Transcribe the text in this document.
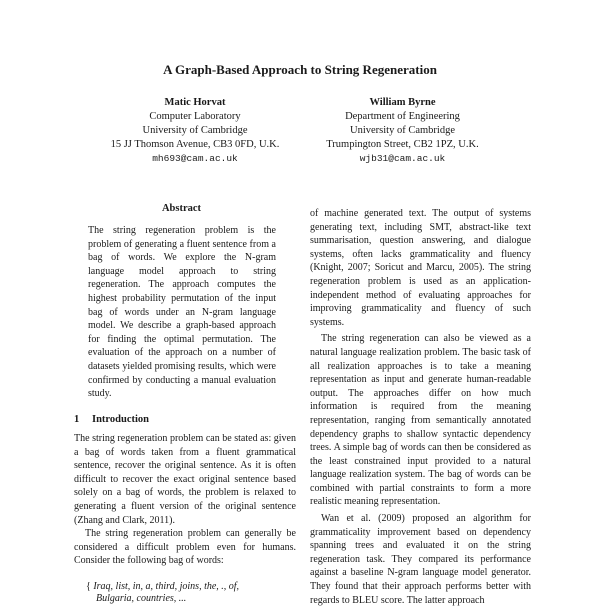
A Graph-Based Approach to String Regeneration
Matic Horvat
Computer Laboratory
University of Cambridge
15 JJ Thomson Avenue, CB3 0FD, U.K.
mh693@cam.ac.uk
William Byrne
Department of Engineering
University of Cambridge
Trumpington Street, CB2 1PZ, U.K.
wjb31@cam.ac.uk
Abstract
The string regeneration problem is the problem of generating a fluent sentence from a bag of words. We explore the N-gram language model approach to string regeneration. The approach computes the highest probability permutation of the input bag of words under an N-gram language model. We describe a graph-based approach for finding the optimal permutation. The evaluation of the approach on a number of datasets yielded promising results, which were confirmed by conducting a manual evaluation study.
1 Introduction

The string regeneration problem can be stated as: given a bag of words taken from a fluent grammatical sentence, recover the original sentence. As it is often difficult to recover the exact original sentence based solely on a bag of words, the problem is relaxed to generating a fluent version of the original sentence (Zhang and Clark, 2011).

The string regeneration problem can generally be considered a difficult problem even for humans. Consider the following bag of words:

{ Iraq, list, in, a, third, joins, the, ., of,
Bulgaria, countries, ...

of machine generated text. The output of systems generating text, including SMT, abstract-like text summarisation, question answering, and dialogue systems, often lacks grammaticality and fluency (Knight, 2007; Soricut and Marcu, 2005). The string regeneration problem is used as an application-independent method of evaluating approaches for improving grammaticality and fluency of such systems.

The string regeneration can also be viewed as a natural language realization problem. The basic task of all realization approaches is to take a meaning representation as input and generate human-readable output. The approaches differ on how much information is required from the meaning representation, ranging from semantically annotated dependency graphs to shallow syntactic dependency trees. A simple bag of words can then be considered as the least constrained input provided to a natural language realization system. The bag of words can be combined with partial constraints to form a more realistic meaning representation.

Wan et al. (2009) proposed an algorithm for grammaticality improvement based on dependency spanning trees and evaluated it on the string regeneration task. They compared its performance against a baseline N-gram language model generator. They found that their approach performs better with regards to BLEU score. The latter approach
